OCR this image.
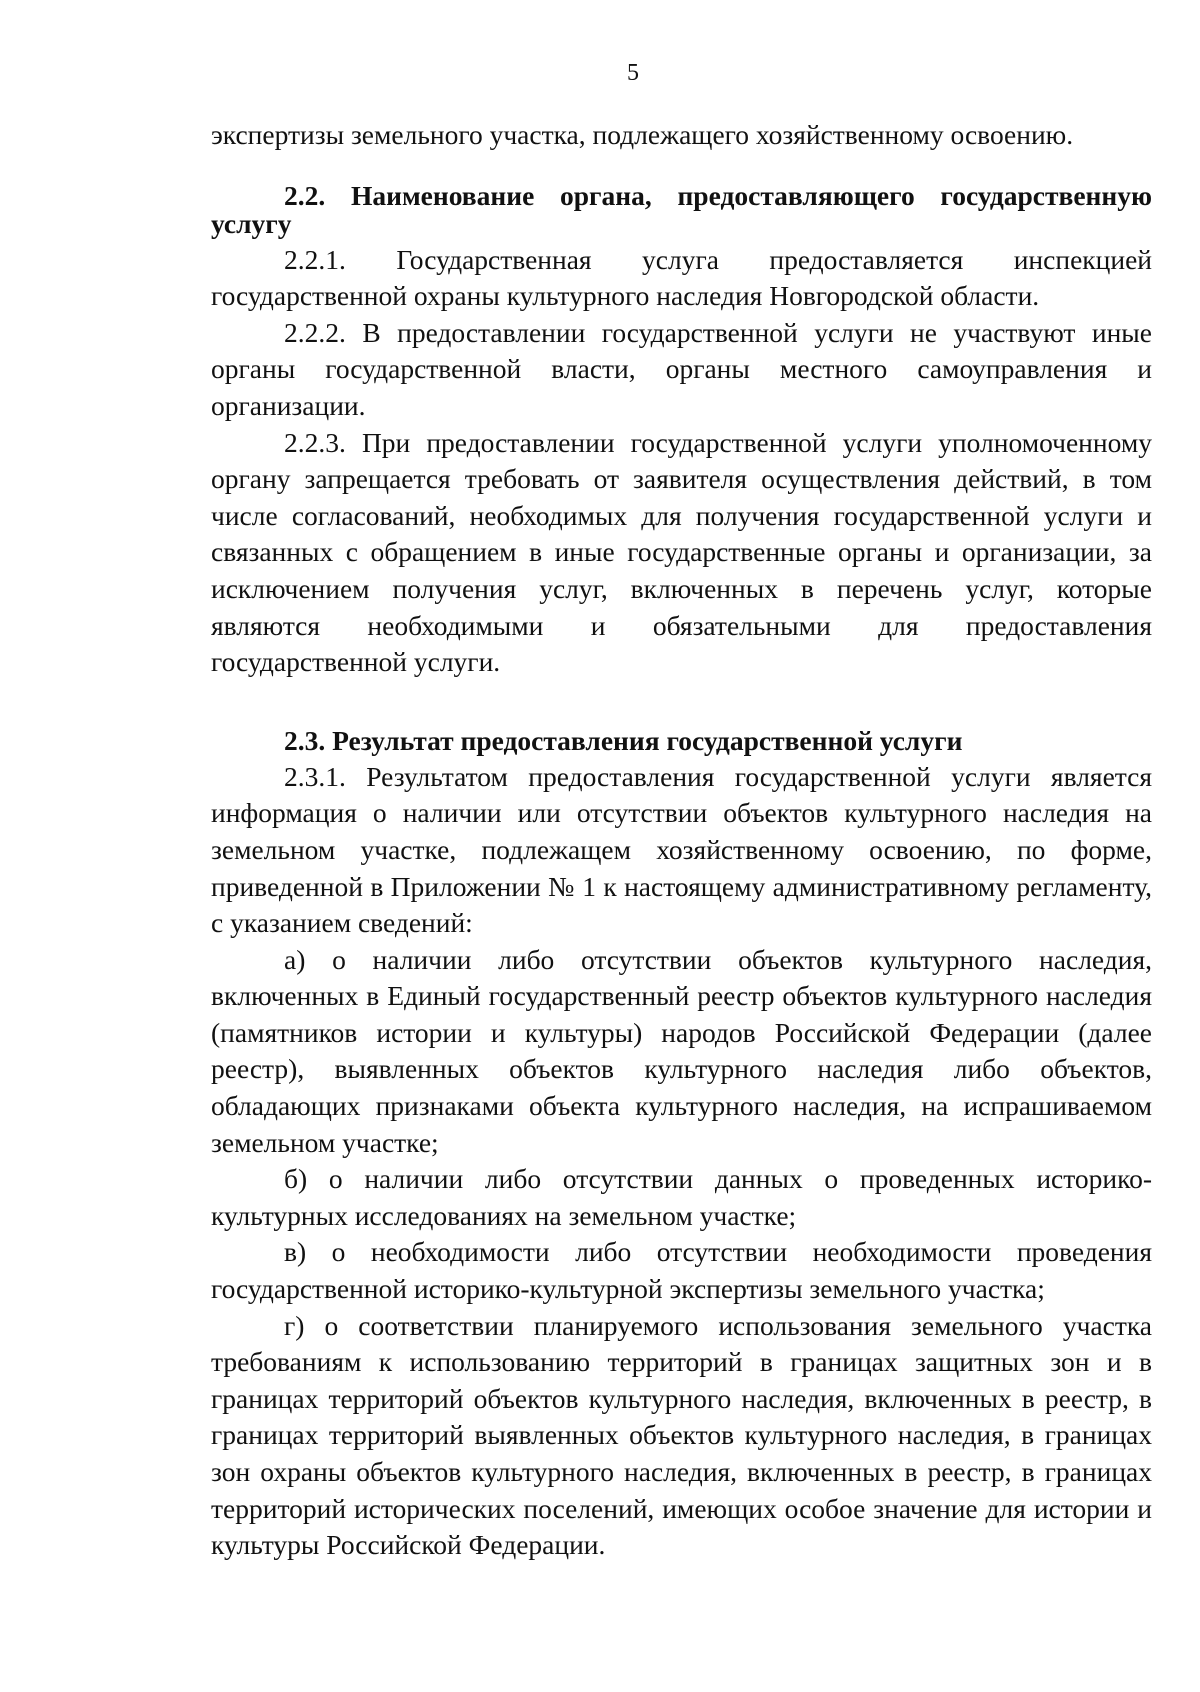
5

экспертизы земельного участка, подлежащего хозяйственному освоению.

2.2. Наименование органа, предоставляющего государственную услугу

2.2.1. Государственная услуга предоставляется инспекцией государственной охраны культурного наследия Новгородской области.

2.2.2. В предоставлении государственной услуги не участвуют иные органы государственной власти, органы местного самоуправления и организации.

2.2.3. При предоставлении государственной услуги уполномоченному органу запрещается требовать от заявителя осуществления действий, в том числе согласований, необходимых для получения государственной услуги и связанных с обращением в иные государственные органы и организации, за исключением получения услуг, включенных в перечень услуг, которые являются необходимыми и обязательными для предоставления государственной услуги.

2.3. Результат предоставления государственной услуги

2.3.1. Результатом предоставления государственной услуги является информация о наличии или отсутствии объектов культурного наследия на земельном участке, подлежащем хозяйственному освоению, по форме, приведенной в Приложении № 1 к настоящему административному регламенту, с указанием сведений:

а) о наличии либо отсутствии объектов культурного наследия, включенных в Единый государственный реестр объектов культурного наследия (памятников истории и культуры) народов Российской Федерации (далее реестр), выявленных объектов культурного наследия либо объектов, обладающих признаками объекта культурного наследия, на испрашиваемом земельном участке;

б) о наличии либо отсутствии данных о проведенных историко-культурных исследованиях на земельном участке;

в) о необходимости либо отсутствии необходимости проведения государственной историко-культурной экспертизы земельного участка;

г) о соответствии планируемого использования земельного участка требованиям к использованию территорий в границах защитных зон и в границах территорий объектов культурного наследия, включенных в реестр, в границах территорий выявленных объектов культурного наследия, в границах зон охраны объектов культурного наследия, включенных в реестр, в границах территорий исторических поселений, имеющих особое значение для истории и культуры Российской Федерации.
